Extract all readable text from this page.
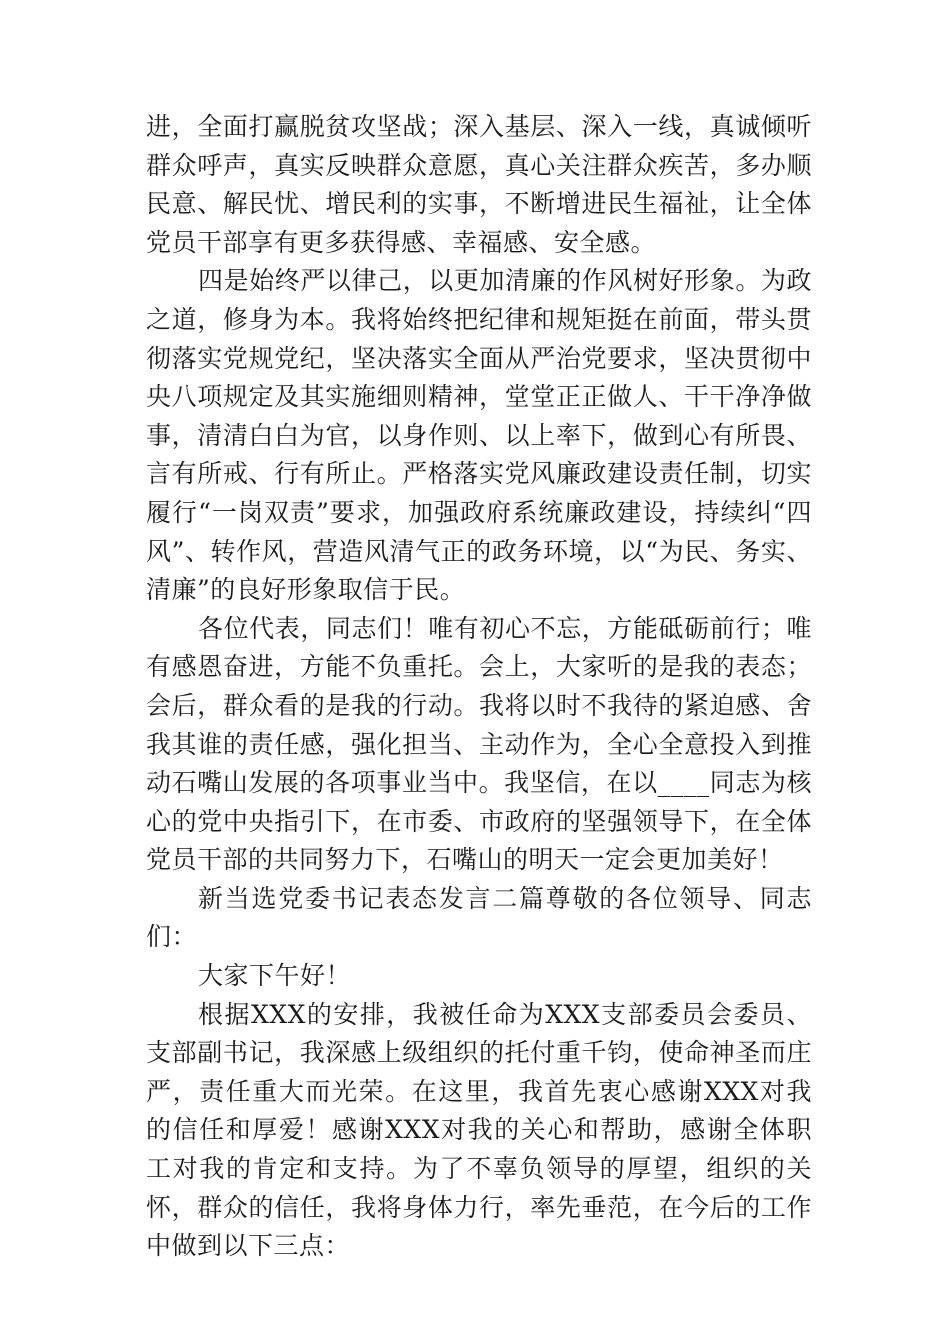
进，全面打赢脱贫攻坚战；深入基层、深入一线，真诚倾听群众呼声，真实反映群众意愿，真心关注群众疾苦，多办顺民意、解民忧、增民利的实事，不断增进民生福祉，让全体党员干部享有更多获得感、幸福感、安全感。

四是始终严以律己，以更加清廉的作风树好形象。为政之道，修身为本。我将始终把纪律和规矩挺在前面，带头贯彻落实党规党纪，坚决落实全面从严治党要求，坚决贯彻中央八项规定及其实施细则精神，堂堂正正做人、干干净净做事，清清白白为官，以身作则、以上率下，做到心有所畏、言有所戒、行有所止。严格落实党风廉政建设责任制，切实履行“一岗双责”要求，加强政府系统廉政建设，持续纠“四风”、转作风，营造风清气正的政务环境，以“为民、务实、清廉”的良好形象取信于民。

各位代表，同志们！唯有初心不忘，方能砥砺前行；唯有感恩奋进，方能不负重托。会上，大家听的是我的表态；会后，群众看的是我的行动。我将以时不我待的紧迫感、舍我其谁的责任感，强化担当、主动作为，全心全意投入到推动石嘴山发展的各项事业当中。我坚信，在以____同志为核心的党中央指引下，在市委、市政府的坚强领导下，在全体党员干部的共同努力下，石嘴山的明天一定会更加美好！

新当选党委书记表态发言二篇尊敬的各位领导、同志们：

大家下午好！

根据XXX的安排，我被任命为XXX支部委员会委员、支部副书记，我深感上级组织的托付重千钧，使命神圣而庄严，责任重大而光荣。在这里，我首先衷心感谢XXX对我的信任和厚爱！感谢XXX对我的关心和帮助，感谢全体职工对我的肯定和支持。为了不辜负领导的厚望，组织的关怀，群众的信任，我将身体力行，率先垂范，在今后的工作中做到以下三点：
